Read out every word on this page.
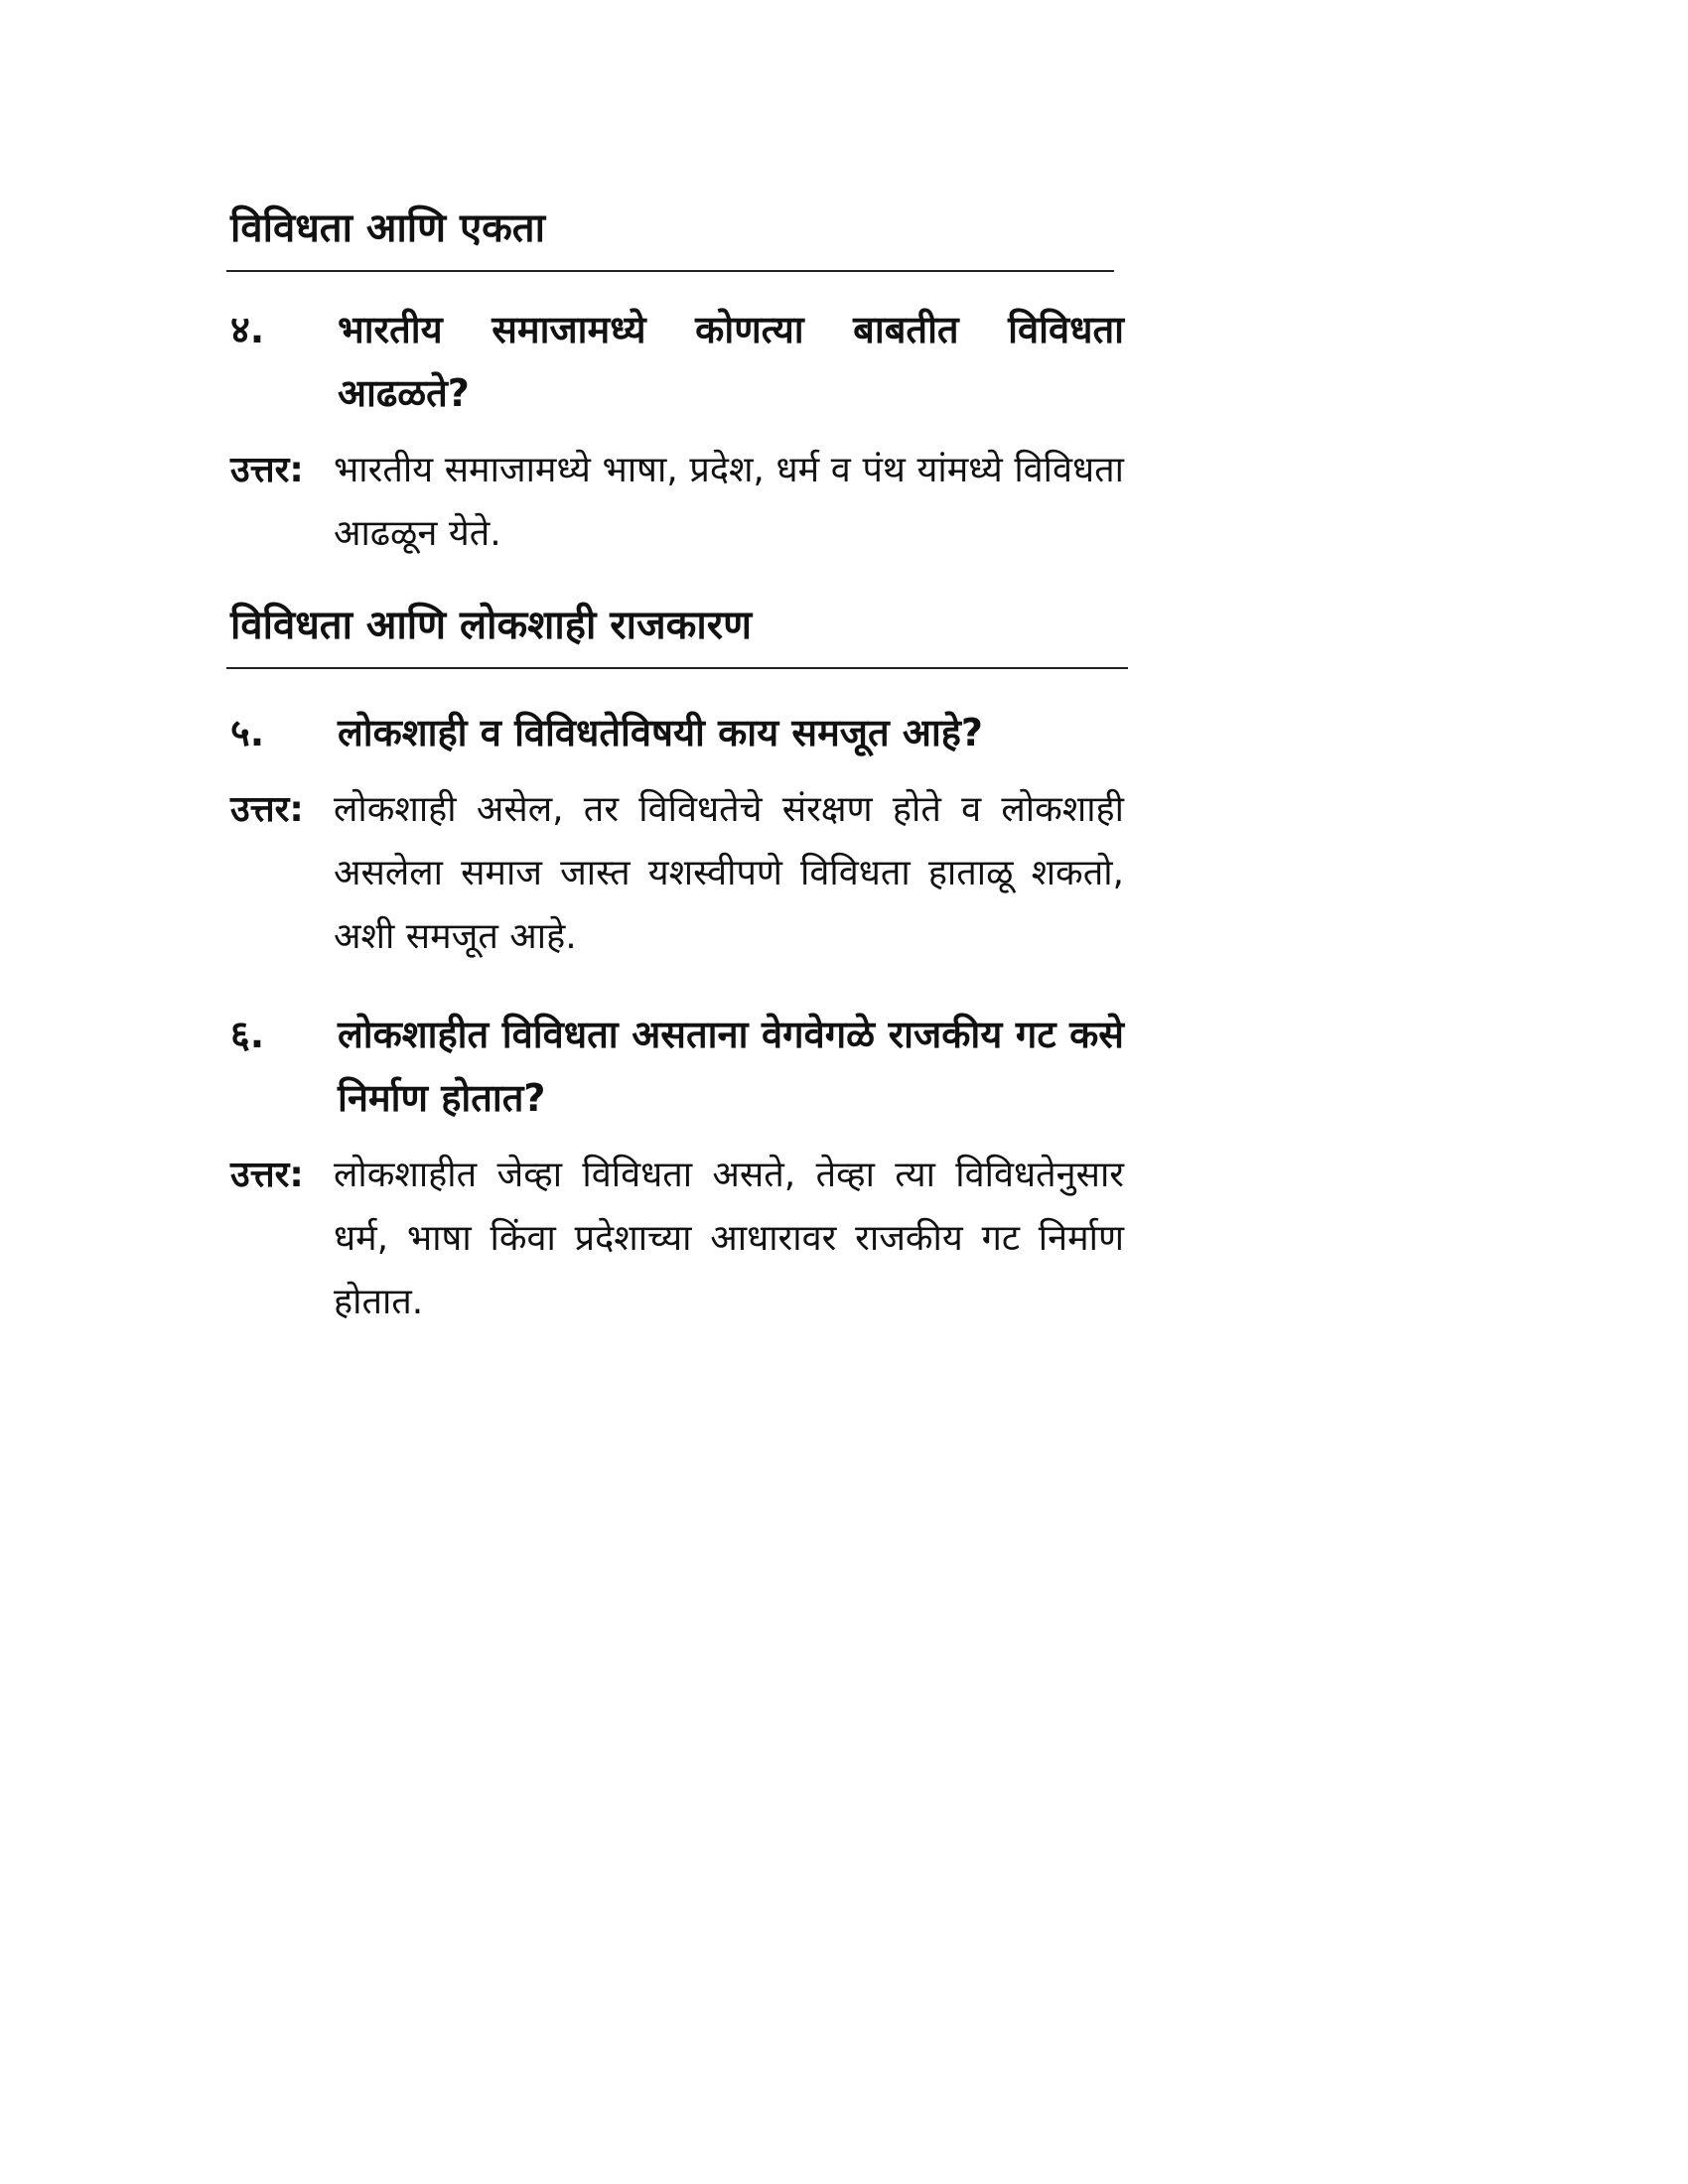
विविधता आणि एकता
४.	भारतीय समाजामध्ये कोणत्या बाबतीत विविधता आढळते?
उत्तर: भारतीय समाजामध्ये भाषा, प्रदेश, धर्म व पंथ यांमध्ये विविधता आढळून येते.
विविधता आणि लोकशाही राजकारण
५.	लोकशाही व विविधतेविषयी काय समजूत आहे?
उत्तर: लोकशाही असेल, तर विविधतेचे संरक्षण होते व लोकशाही असलेला समाज जास्त यशस्वीपणे विविधता हाताळू शकतो, अशी समजूत आहे.
६.	लोकशाहीत विविधता असताना वेगवेगळे राजकीय गट कसे निर्माण होतात?
उत्तर: लोकशाहीत जेव्हा विविधता असते, तेव्हा त्या विविधतेनुसार धर्म, भाषा किंवा प्रदेशाच्या आधारावर राजकीय गट निर्माण होतात.
